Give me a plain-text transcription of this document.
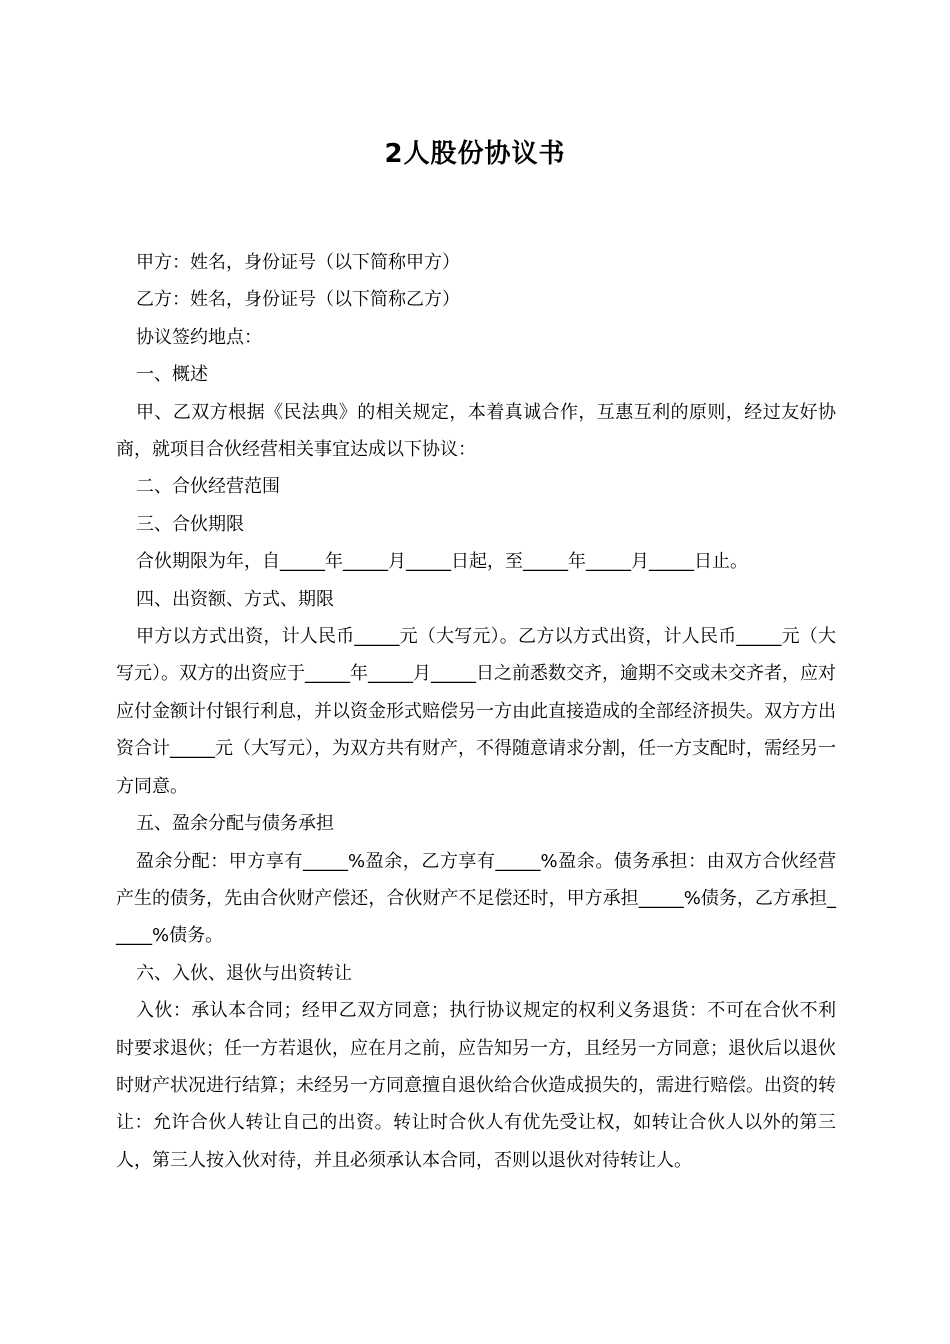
2人股份协议书

甲方：姓名，身份证号（以下简称甲方）

乙方：姓名，身份证号（以下简称乙方）

协议签约地点：

一、概述

甲、乙双方根据《民法典》的相关规定，本着真诚合作，互惠互利的原则，经过友好协商，就项目合伙经营相关事宜达成以下协议：

二、合伙经营范围

三、合伙期限

合伙期限为年，自_____年_____月_____日起，至_____年_____月_____日止。

四、出资额、方式、期限

甲方以方式出资，计人民币_____元（大写元）。乙方以方式出资，计人民币_____元（大写元）。双方的出资应于_____年_____月_____日之前悉数交齐，逾期不交或未交齐者，应对应付金额计付银行利息，并以资金形式赔偿另一方由此直接造成的全部经济损失。双方方出资合计_____元（大写元），为双方共有财产，不得随意请求分割，任一方支配时，需经另一方同意。

五、盈余分配与债务承担

盈余分配：甲方享有_____%盈余，乙方享有_____%盈余。债务承担：由双方合伙经营产生的债务，先由合伙财产偿还，合伙财产不足偿还时，甲方承担_____%债务，乙方承担_____%债务。

六、入伙、退伙与出资转让

入伙：承认本合同；经甲乙双方同意；执行协议规定的权利义务退货：不可在合伙不利时要求退伙；任一方若退伙，应在月之前，应告知另一方，且经另一方同意；退伙后以退伙时财产状况进行结算；未经另一方同意擅自退伙给合伙造成损失的，需进行赔偿。出资的转让：允许合伙人转让自己的出资。转让时合伙人有优先受让权，如转让合伙人以外的第三人，第三人按入伙对待，并且必须承认本合同，否则以退伙对待转让人。
